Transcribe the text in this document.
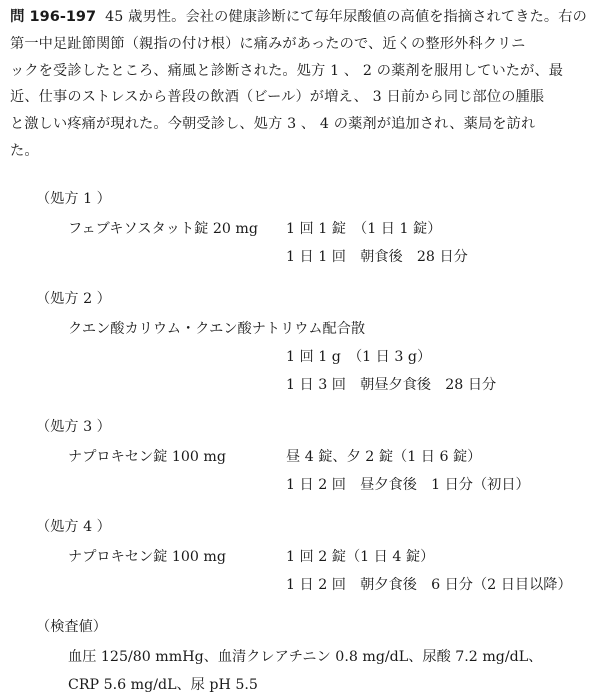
問 196-197 45 歳男性。会社の健康診断にて毎年尿酸値の高値を指摘されてきた。右の
第一中足趾節関節（親指の付け根）に痛みがあったので、近くの整形外科クリニ
ックを受診したところ、痛風と診断された。処方 1 、 2 の薬剤を服用していたが、最
近、仕事のストレスから普段の飲酒（ビール）が増え、 3 日前から同じ部位の腫脹
と激しい疼痛が現れた。今朝受診し、処方 3 、 4 の薬剤が追加され、薬局を訪れ
た。
（処方 1 ）
フェブキソスタット錠 20 mg 1 回 1 錠　（1 日 1 錠）
1 日 1 回　朝食後　28 日分
（処方 2 ）
クエン酸カリウム・クエン酸ナトリウム配合散
1 回 1 g　（1 日 3 g）
1 日 3 回　朝昼夕食後　28 日分
（処方 3 ）
ナプロキセン錠 100 mg	昼 4 錠、夕 2 錠（1 日 6 錠）
1 日 2 回　昼夕食後　1 日分（初日）
（処方 4 ）
ナプロキセン錠 100 mg	1 回 2 錠（1 日 4 錠）
1 日 2 回　朝夕食後　6 日分（2 日目以降）
（検査値）
血圧 125/80 mmHg、血清クレアチニン 0.8 mg/dL、尿酸 7.2 mg/dL、
CRP 5.6 mg/dL、尿 pH 5.5
